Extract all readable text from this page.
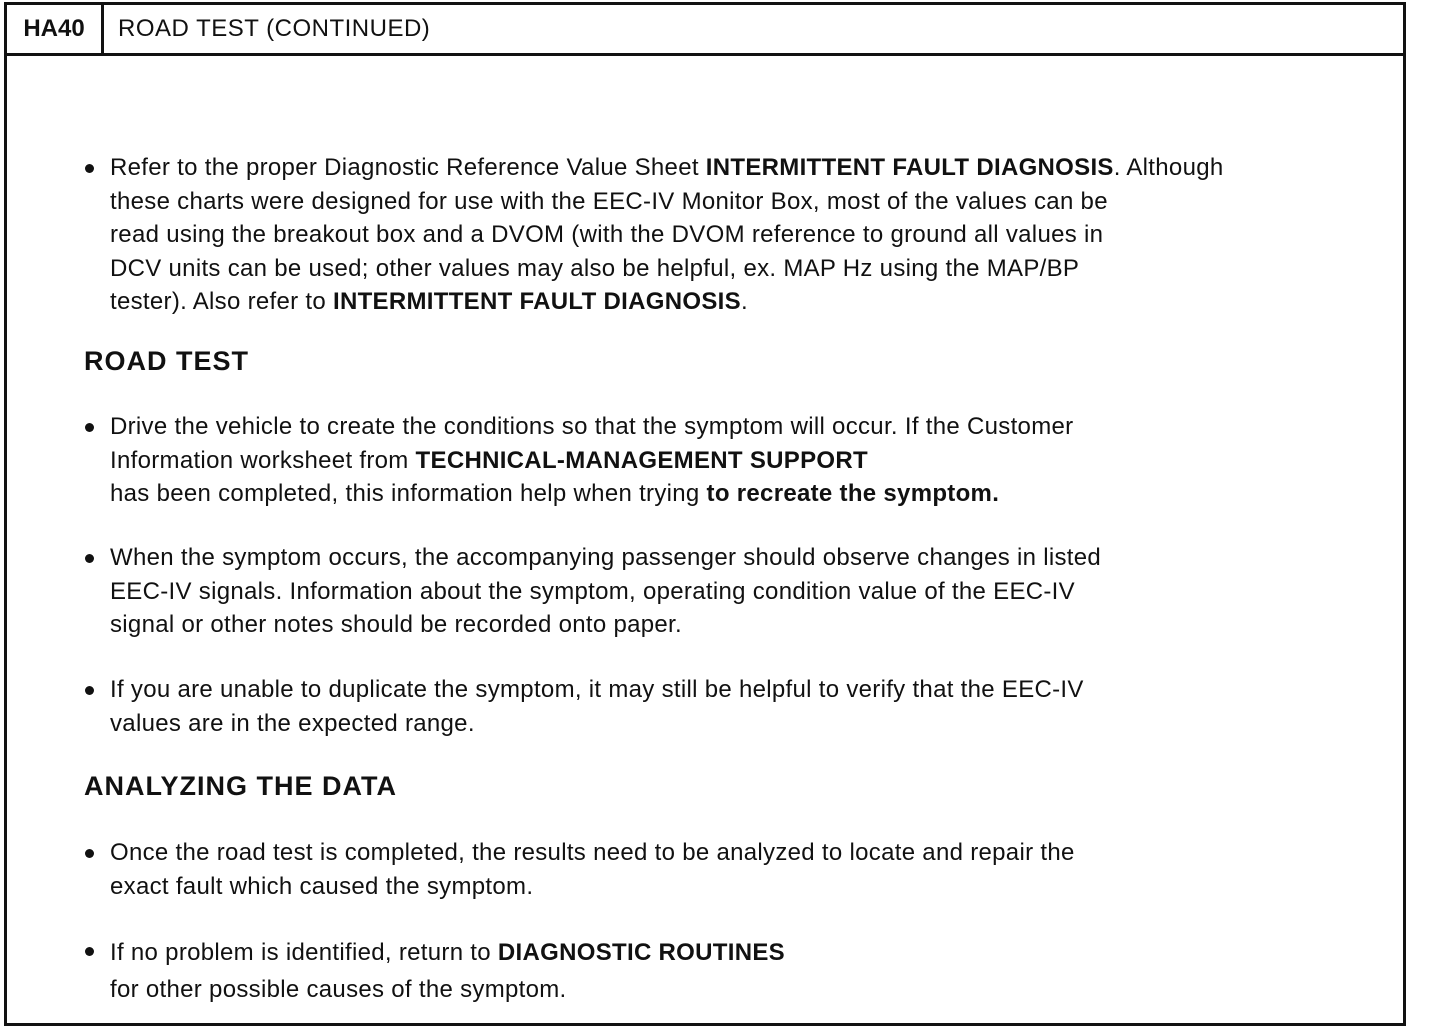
HA40	ROAD TEST (CONTINUED)
Refer to the proper Diagnostic Reference Value Sheet INTERMITTENT FAULT DIAGNOSIS. Although
these charts were designed for use with the EEC-IV Monitor Box, most of the values can be
read using the breakout box and a DVOM (with the DVOM reference to ground all values in
DCV units can be used; other values may also be helpful, ex. MAP Hz using the MAP/BP
tester). Also refer to INTERMITTENT FAULT DIAGNOSIS.
ROAD TEST
Drive the vehicle to create the conditions so that the symptom will occur. If the Customer
Information worksheet from TECHNICAL-MANAGEMENT SUPPORT
has been completed, this information help when trying to recreate the symptom.
When the symptom occurs, the accompanying passenger should observe changes in listed
EEC-IV signals. Information about the symptom, operating condition value of the EEC-IV
signal or other notes should be recorded onto paper.
If you are unable to duplicate the symptom, it may still be helpful to verify that the EEC-IV
values are in the expected range.
ANALYZING THE DATA
Once the road test is completed, the results need to be analyzed to locate and repair the
exact fault which caused the symptom.
If no problem is identified, return to DIAGNOSTIC ROUTINES
for other possible causes of the symptom.
